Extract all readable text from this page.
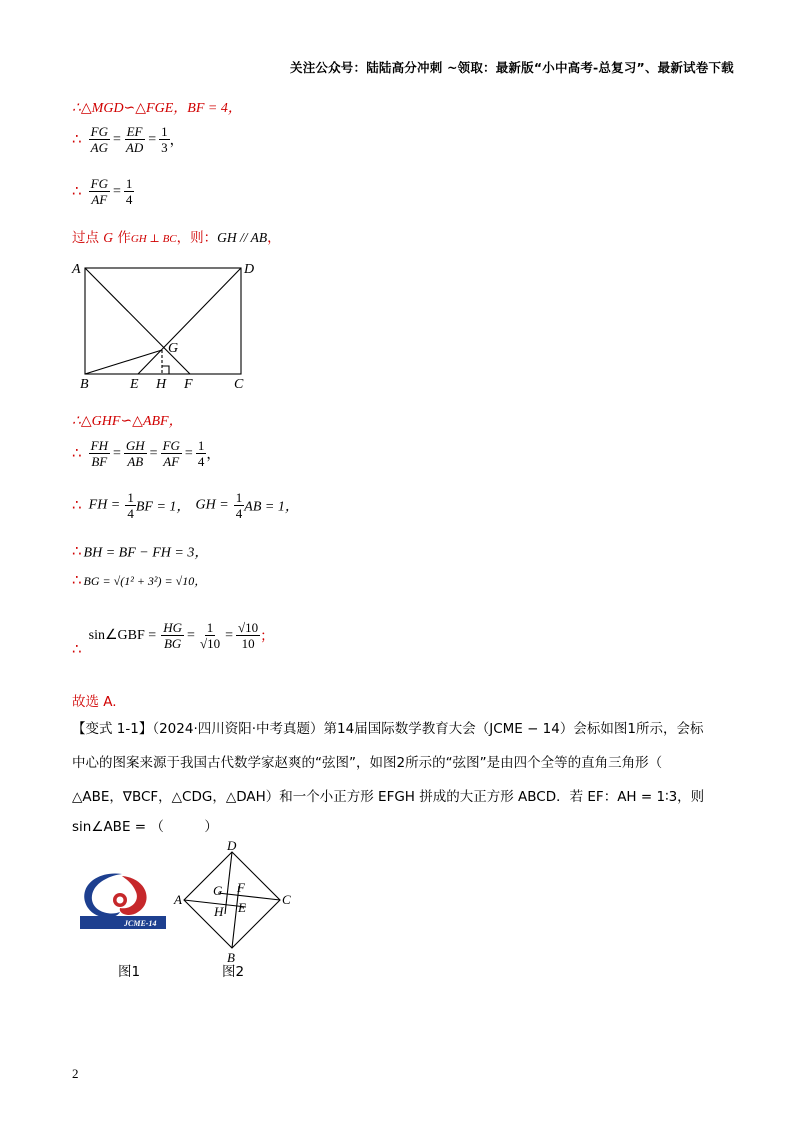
关注公众号：陆陆高分冲刺 ~领取：最新版“小中高考-总复习”、最新试卷下载
∴△MGD∽△FGE，BF = 4，
∴ $\frac{FG}{AG} = \frac{EF}{AD} = \frac{1}{3}$ ，
∴ $\frac{FG}{AF} = \frac{1}{4}$
过点 G 作GH ⊥ BC，则：GH // AB，
A	D
G
B	E H F	C
∴△GHF∽△ABF，
∴ $\frac{FH}{BF} = \frac{GH}{AB} = \frac{FG}{AF} = \frac{1}{4}$ ，
∴ FH = $\frac{1}{4}$ BF = 1， GH = $\frac{1}{4}$ AB = 1，
∴ BH = BF − FH = 3，
∴ BG = √(1² + 3²) = √10，
∴ sin∠GBF = $\frac{HG}{BG} = \frac{1}{√10} = \frac{√10}{10}$ ；
故选 A.
【变式 1-1】（2024·四川资阳·中考真题）第14届国际数学教育大会（JCME − 14）会标如图1所示，会标
中心的图案来源于我国古代数学家赵爽的“弦图”，如图2所示的“弦图”是由四个全等的直角三角形（
△ABE，∇BCF，△CDG，△DAH）和一个小正方形 EFGH 拼成的大正方形 ABCD．若 EF：AH = 1∶3，则
sin∠ABE = （　　　）
JCME-14
图1
D
A	C
B
G F
H E
图2
2
